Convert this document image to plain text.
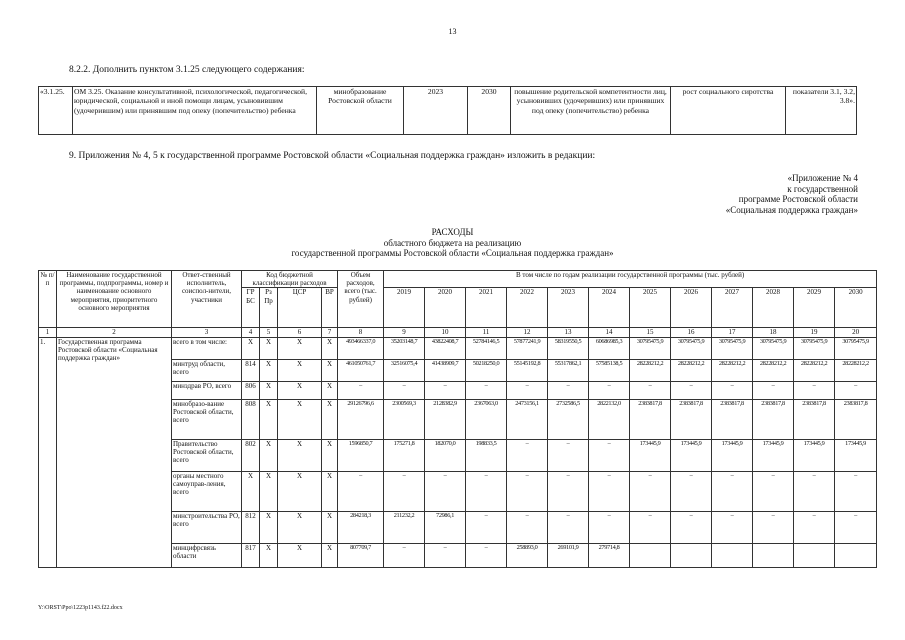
13
8.2.2. Дополнить пунктом 3.1.25 следующего содержания:
«3.1.25.	ОМ 3.25. Оказание консультативной, психологической, педагогической, юридической, социальной и иной помощи лицам, усыновившим (удочерившим) или принявшим под опеку (попечительство) ребенка	минобразование Ростовской области	2023	2030	повышение родительской компетентности лиц, усыновивших (удочеривших) или принявших под опеку (попечительство) ребенка	рост социального сиротства	показатели 3.1, 3.2, 3.8».
9. Приложения № 4, 5 к государственной программе Ростовской области «Социальная поддержка граждан» изложить в редакции:
«Приложение № 4
к государственной
программе Ростовской области
«Социальная поддержка граждан»
РАСХОДЫ
областного бюджета на реализацию
государственной программы Ростовской области «Социальная поддержка граждан»
№ п/п	Наименование государственной программы, подпрограммы, номер и наименование основного мероприятия, приоритетного основного мероприятия	Ответ-ственный исполнитель, соиспол-нители, участники	Код бюджетной классификации расходов				Объем расходов, всего (тыс. рублей)	В том числе по годам реализации государственной программы (тыс. рублей)											
			ГР БС	Рз Пр	ЦСР	ВР		2019	2020	2021	2022	2023	2024	2025	2026	2027	2028	2029	2030

1	2	3	4	5	6	7	8	9	10	11	12	13	14	15	16	17	18	19	20
1.	Государственная программа Ростовской области «Социальная поддержка граждан»	всего в том числе:	Х	Х	Х	Х	493466337,0	35203148,7	43822408,7	52784146,5	57877241,9	58319550,5	60686985,3	30795475,9	30795475,9	30795475,9	30795475,9	30795475,9	30795475,9
		минтруд области, всего	814	Х	Х	Х	461050761,7	32516075,4	41438909,7	50218250,0	55145192,8	55317862,1	57585138,5	28228212,2	28228212,2	28228212,2	28228212,2	28228212,2	28228212,2
		минздрав РО, всего	806	Х	Х	Х	–	–	–	–	–	–	–	–	–	–	–	–	–
		минобразо-вание Ростовской области, всего	808	Х	Х	Х	29126796,6	2300569,3	2128382,9	2367063,0	2473156,1	2732586,5	2822132,0	2383817,8	2383817,8	2383817,8	2383817,8	2383817,8	2383817,8
		Правительство Ростовской области, всего	802	Х	Х	Х	1596850,7	175271,8	182070,0	198833,5	–	–	–	173445,9	173445,9	173445,9	173445,9	173445,9	173445,9
		органы местного самоуправ-ления, всего	Х	Х	Х	Х	–	–	–	–	–	–	–	–	–	–	–	–	–
		минстроительства РО, всего	812	Х	Х	Х	284218,3	211232,2	72986,1	–	–	–	–	–	–	–	–	–	–
		минцифрсвязь области	817	Х	Х	Х	807709,7	–	–	–	258893,0	269101,9	279714,8						
Y:\ORST\Ppo\1223p1143.f22.docx
